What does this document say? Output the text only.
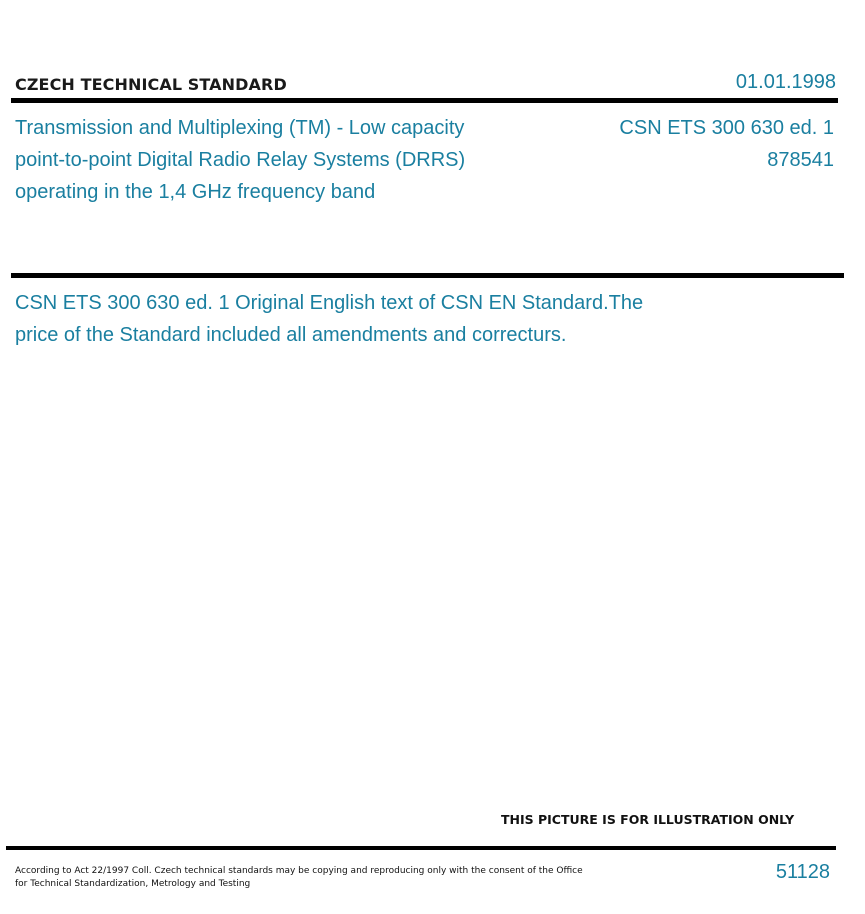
CZECH TECHNICAL STANDARD	01.01.1998
Transmission and Multiplexing (TM) - Low capacity
point-to-point Digital Radio Relay Systems (DRRS)
operating in the 1,4 GHz frequency band
CSN ETS 300 630 ed. 1
878541
CSN ETS 300 630 ed. 1 Original English text of CSN EN Standard.The
price of the Standard included all amendments and correcturs.
THIS PICTURE IS FOR ILLUSTRATION ONLY
According to Act 22/1997 Coll. Czech technical standards may be copying and reproducing only with the consent of the Office
for Technical Standardization, Metrology and Testing
51128
